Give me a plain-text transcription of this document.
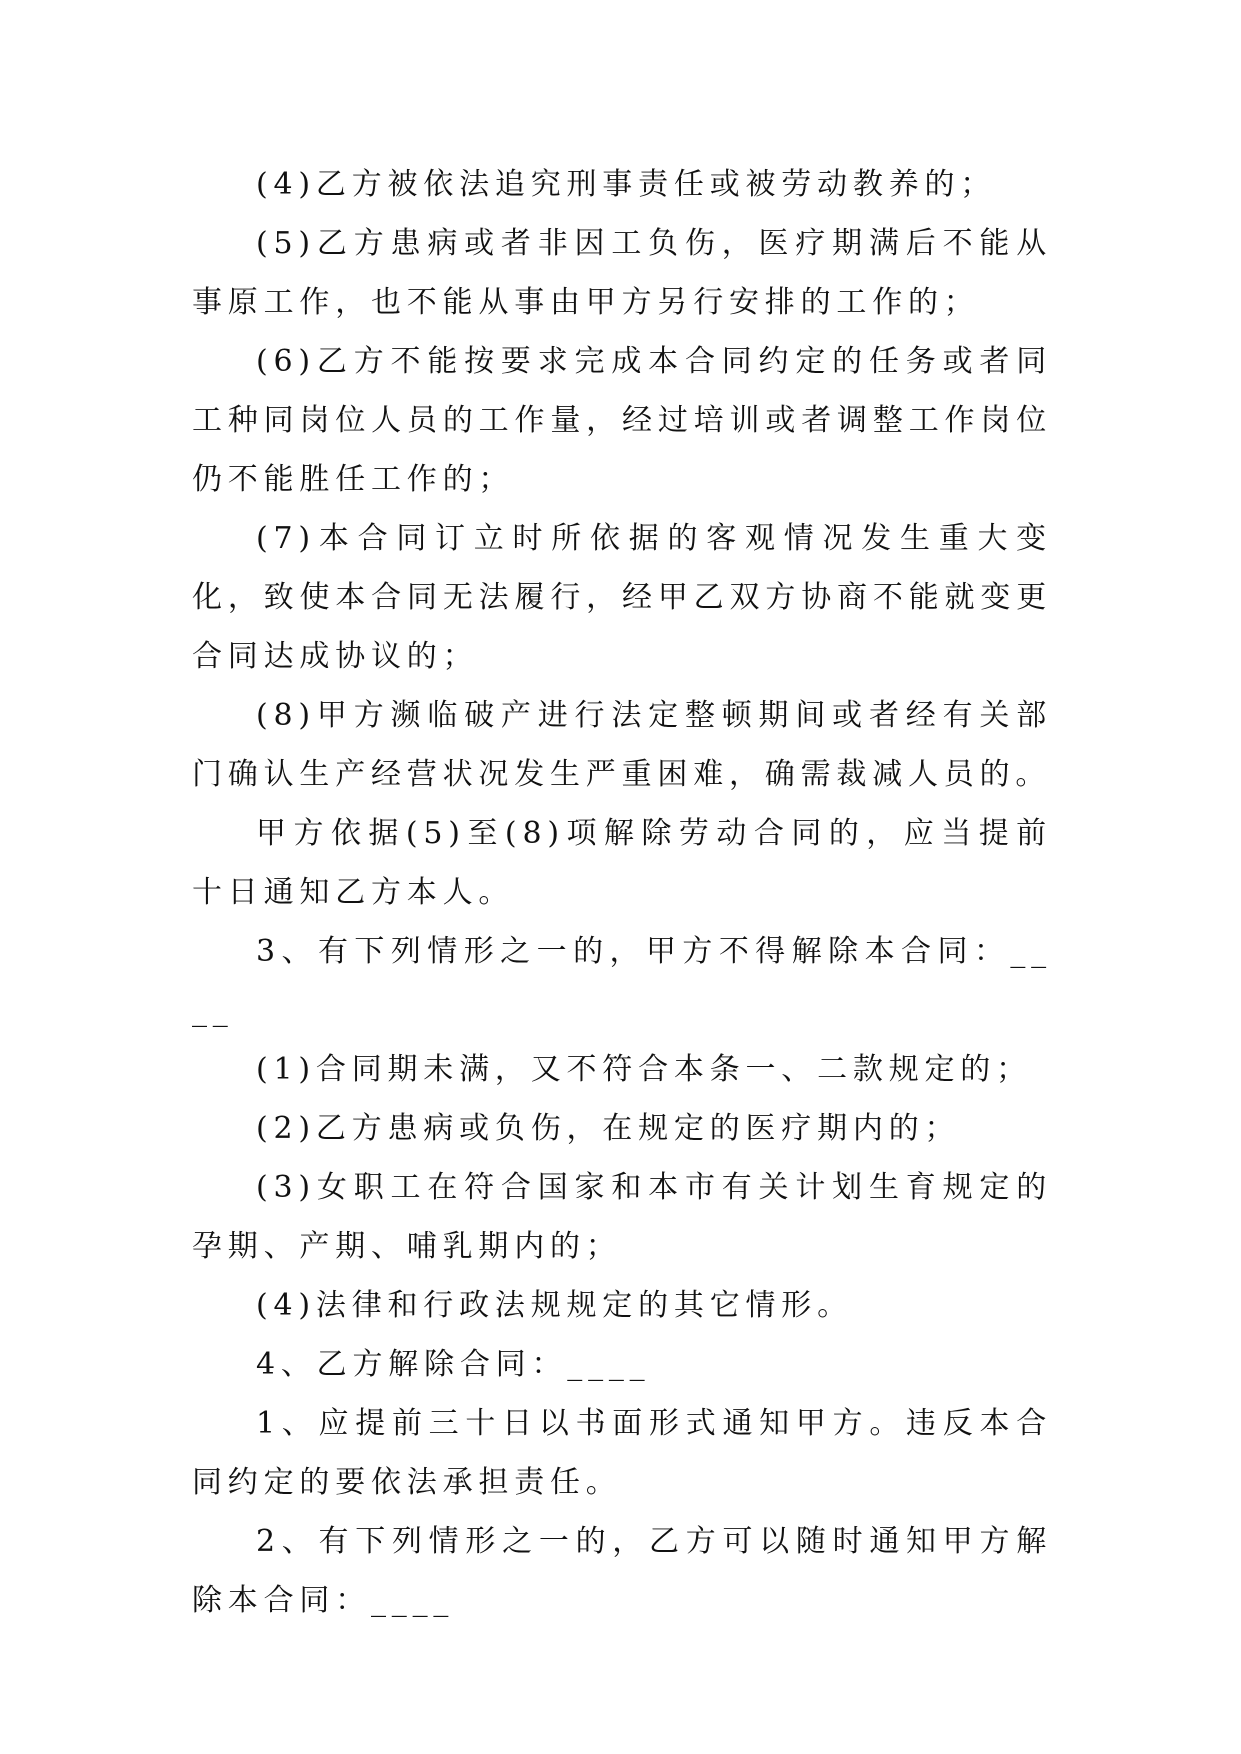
(4)乙方被依法追究刑事责任或被劳动教养的；

(5)乙方患病或者非因工负伤，医疗期满后不能从事原工作，也不能从事由甲方另行安排的工作的；

(6)乙方不能按要求完成本合同约定的任务或者同工种同岗位人员的工作量，经过培训或者调整工作岗位仍不能胜任工作的；

(7)本合同订立时所依据的客观情况发生重大变化，致使本合同无法履行，经甲乙双方协商不能就变更合同达成协议的；

(8)甲方濒临破产进行法定整顿期间或者经有关部门确认生产经营状况发生严重困难，确需裁减人员的。

甲方依据(5)至(8)项解除劳动合同的，应当提前十日通知乙方本人。

3、有下列情形之一的，甲方不得解除本合同：____

(1)合同期未满，又不符合本条一、二款规定的；

(2)乙方患病或负伤，在规定的医疗期内的；

(3)女职工在符合国家和本市有关计划生育规定的孕期、产期、哺乳期内的；

(4)法律和行政法规规定的其它情形。

4、乙方解除合同：____

1、应提前三十日以书面形式通知甲方。违反本合同约定的要依法承担责任。

2、有下列情形之一的，乙方可以随时通知甲方解除本合同：____
